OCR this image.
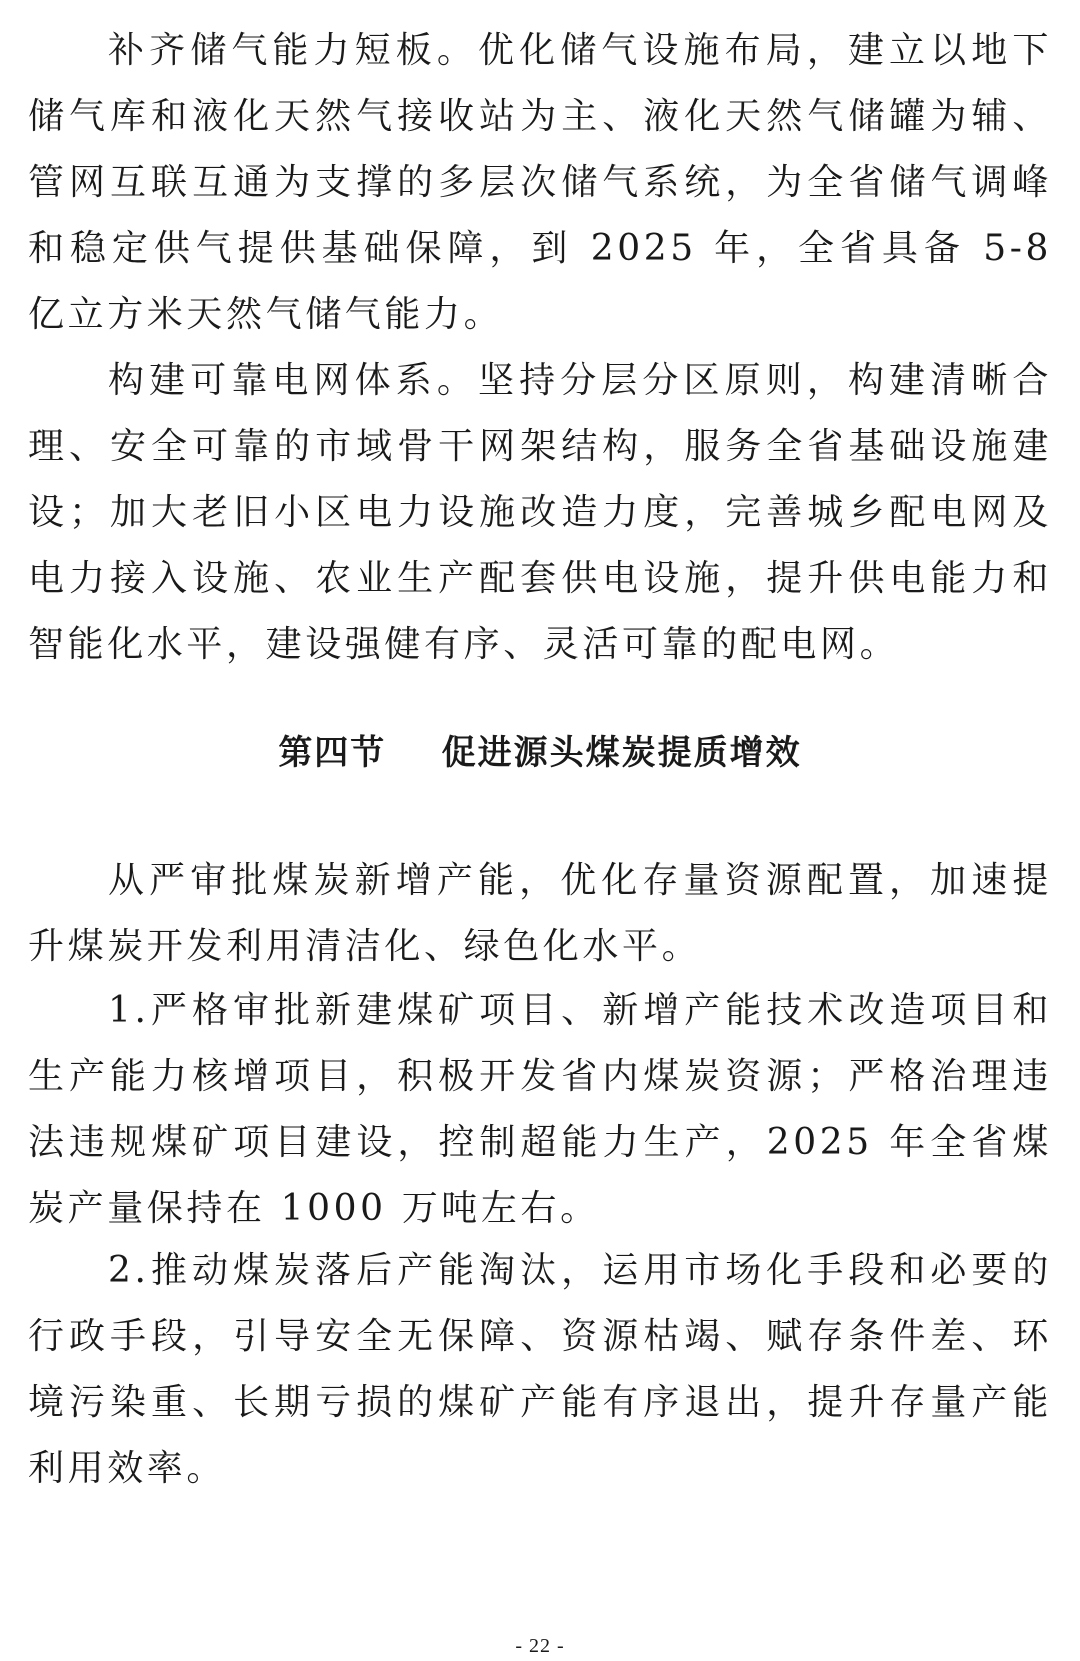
补齐储气能力短板。优化储气设施布局，建立以地下储气库和液化天然气接收站为主、液化天然气储罐为辅、管网互联互通为支撑的多层次储气系统，为全省储气调峰和稳定供气提供基础保障，到 2025 年，全省具备 5-8 亿立方米天然气储气能力。

构建可靠电网体系。坚持分层分区原则，构建清晰合理、安全可靠的市域骨干网架结构，服务全省基础设施建设；加大老旧小区电力设施改造力度，完善城乡配电网及电力接入设施、农业生产配套供电设施，提升供电能力和智能化水平，建设强健有序、灵活可靠的配电网。

第四节    促进源头煤炭提质增效

从严审批煤炭新增产能，优化存量资源配置，加速提升煤炭开发利用清洁化、绿色化水平。

1.严格审批新建煤矿项目、新增产能技术改造项目和生产能力核增项目，积极开发省内煤炭资源；严格治理违法违规煤矿项目建设，控制超能力生产，2025 年全省煤炭产量保持在 1000 万吨左右。

2.推动煤炭落后产能淘汰，运用市场化手段和必要的行政手段，引导安全无保障、资源枯竭、赋存条件差、环境污染重、长期亏损的煤矿产能有序退出，提升存量产能利用效率。

- 22 -
